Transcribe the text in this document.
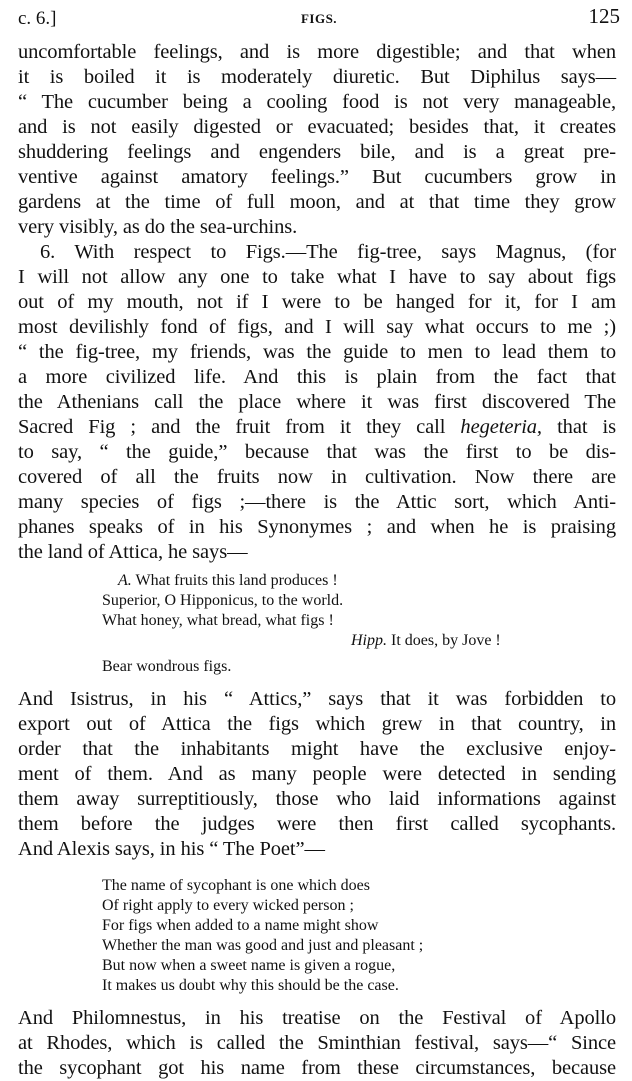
c. 6.]	FIGS.	125
uncomfortable feelings, and is more digestible; and that when
it is boiled it is moderately diuretic. But Diphilus says—
“ The cucumber being a cooling food is not very manageable,
and is not easily digested or evacuated; besides that, it creates
shuddering feelings and engenders bile, and is a great pre-
ventive against amatory feelings.” But cucumbers grow in
gardens at the time of full moon, and at that time they grow
very visibly, as do the sea-urchins.
6. With respect to Figs.—The fig-tree, says Magnus, (for
I will not allow any one to take what I have to say about figs
out of my mouth, not if I were to be hanged for it, for I am
most devilishly fond of figs, and I will say what occurs to me ;)
“ the fig-tree, my friends, was the guide to men to lead them to
a more civilized life. And this is plain from the fact that
the Athenians call the place where it was first discovered The
Sacred Fig ; and the fruit from it they call hegeteria, that is
to say, “ the guide,” because that was the first to be dis-
covered of all the fruits now in cultivation. Now there are
many species of figs ;—there is the Attic sort, which Anti-
phanes speaks of in his Synonymes ; and when he is praising
the land of Attica, he says—
A. What fruits this land produces !
Superior, O Hipponicus, to the world.
What honey, what bread, what figs !
Hipp. It does, by Jove !
Bear wondrous figs.
And Isistrus, in his “ Attics,” says that it was forbidden to
export out of Attica the figs which grew in that country, in
order that the inhabitants might have the exclusive enjoy-
ment of them. And as many people were detected in sending
them away surreptitiously, those who laid informations against
them before the judges were then first called sycophants.
And Alexis says, in his “ The Poet”—
The name of sycophant is one which does
Of right apply to every wicked person ;
For figs when added to a name might show
Whether the man was good and just and pleasant ;
But now when a sweet name is given a rogue,
It makes us doubt why this should be the case.
And Philomnestus, in his treatise on the Festival of Apollo
at Rhodes, which is called the Sminthian festival, says—“ Since
the sycophant got his name from these circumstances, because
